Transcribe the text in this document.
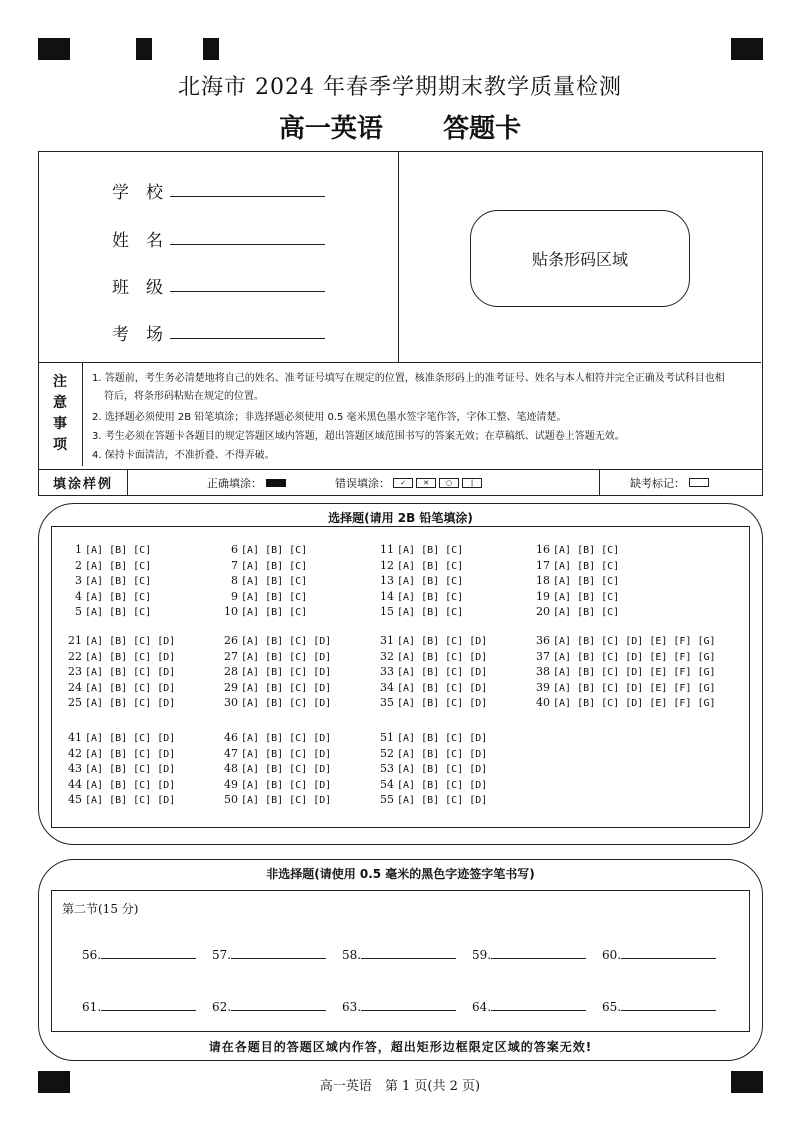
北海市 2024 年春季学期期末教学质量检测
高一英语 答题卡
学　校
姓　名
班　级
考　场
贴条形码区域
注
意
事
项
1. 答题前，考生务必清楚地将自己的姓名、准考证号填写在规定的位置，核准条形码上的准考证号、姓名与本人相符并完全正确及考试科目也相
符后，将条形码粘贴在规定的位置。
2. 选择题必须使用 2B 铅笔填涂；非选择题必须使用 0.5 毫米黑色墨水签字笔作答，字体工整、笔迹清楚。
3. 考生必须在答题卡各题目的规定答题区域内答题，超出答题区域范围书写的答案无效；在草稿纸、试题卷上答题无效。
4. 保持卡面清洁，不准折叠、不得弄破。
填涂样例	正确填涂：	错误填涂：	✓	✕	○	|	缺考标记：
选择题(请用 2B 铅笔填涂)
1 [A] [B] [C]
2 [A] [B] [C]
3 [A] [B] [C]
4 [A] [B] [C]
5 [A] [B] [C]
6 [A] [B] [C]
7 [A] [B] [C]
8 [A] [B] [C]
9 [A] [B] [C]
10 [A] [B] [C]
11 [A] [B] [C]
12 [A] [B] [C]
13 [A] [B] [C]
14 [A] [B] [C]
15 [A] [B] [C]
16 [A] [B] [C]
17 [A] [B] [C]
18 [A] [B] [C]
19 [A] [B] [C]
20 [A] [B] [C]
21 [A] [B] [C] [D]
22 [A] [B] [C] [D]
23 [A] [B] [C] [D]
24 [A] [B] [C] [D]
25 [A] [B] [C] [D]
26 [A] [B] [C] [D]
27 [A] [B] [C] [D]
28 [A] [B] [C] [D]
29 [A] [B] [C] [D]
30 [A] [B] [C] [D]
31 [A] [B] [C] [D]
32 [A] [B] [C] [D]
33 [A] [B] [C] [D]
34 [A] [B] [C] [D]
35 [A] [B] [C] [D]
36 [A] [B] [C] [D] [E] [F] [G]
37 [A] [B] [C] [D] [E] [F] [G]
38 [A] [B] [C] [D] [E] [F] [G]
39 [A] [B] [C] [D] [E] [F] [G]
40 [A] [B] [C] [D] [E] [F] [G]
41 [A] [B] [C] [D]
42 [A] [B] [C] [D]
43 [A] [B] [C] [D]
44 [A] [B] [C] [D]
45 [A] [B] [C] [D]
46 [A] [B] [C] [D]
47 [A] [B] [C] [D]
48 [A] [B] [C] [D]
49 [A] [B] [C] [D]
50 [A] [B] [C] [D]
51 [A] [B] [C] [D]
52 [A] [B] [C] [D]
53 [A] [B] [C] [D]
54 [A] [B] [C] [D]
55 [A] [B] [C] [D]
非选择题(请使用 0.5 毫米的黑色字迹签字笔书写)
请在各题目的答题区域内作答，超出矩形边框限定区域的答案无效!
第二节(15 分)
56.	57.	58.	59.	60.
61.	62.	63.	64.	65.
高一英语　第 1 页(共 2 页)
